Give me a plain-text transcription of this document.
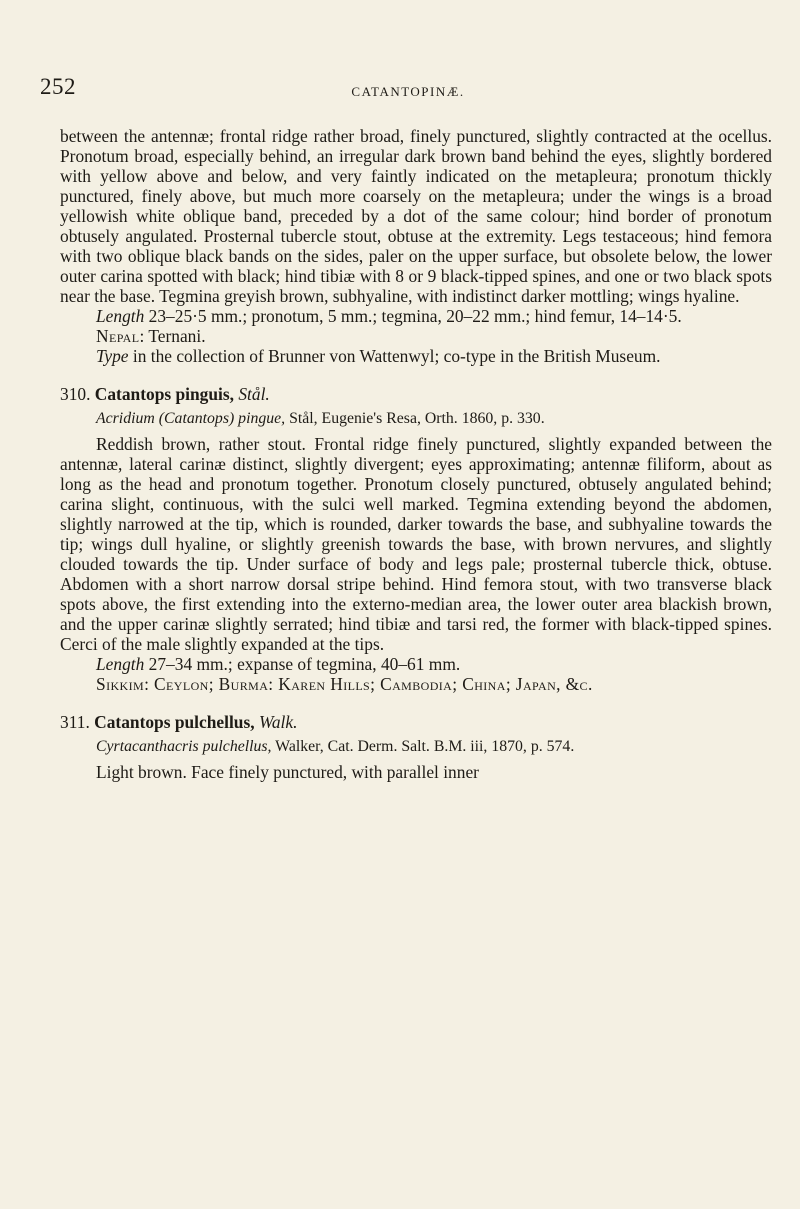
252	CATANTOPINÆ.

between the antennæ; frontal ridge rather broad, finely punctured, slightly contracted at the ocellus. Pronotum broad, especially behind, an irregular dark brown band behind the eyes, slightly bordered with yellow above and below, and very faintly indicated on the metapleura; pronotum thickly punctured, finely above, but much more coarsely on the metapleura; under the wings is a broad yellowish white oblique band, preceded by a dot of the same colour; hind border of pronotum obtusely angulated. Prosternal tubercle stout, obtuse at the extremity. Legs testaceous; hind femora with two oblique black bands on the sides, paler on the upper surface, but obsolete below, the lower outer carina spotted with black; hind tibiæ with 8 or 9 black-tipped spines, and one or two black spots near the base. Tegmina greyish brown, subhyaline, with indistinct darker mottling; wings hyaline.

Length 23–25·5 mm.; pronotum, 5 mm.; tegmina, 20–22 mm.; hind femur, 14–14·5.

Nepal: Ternani.

Type in the collection of Brunner von Wattenwyl; co-type in the British Museum.

310. Catantops pinguis, Stål.

Acridium (Catantops) pingue, Stål, Eugenie's Resa, Orth. 1860, p. 330.

Reddish brown, rather stout. Frontal ridge finely punctured, slightly expanded between the antennæ, lateral carinæ distinct, slightly divergent; eyes approximating; antennæ filiform, about as long as the head and pronotum together. Pronotum closely punctured, obtusely angulated behind; carina slight, continuous, with the sulci well marked. Tegmina extending beyond the abdomen, slightly narrowed at the tip, which is rounded, darker towards the base, and subhyaline towards the tip; wings dull hyaline, or slightly greenish towards the base, with brown nervures, and slightly clouded towards the tip. Under surface of body and legs pale; prosternal tubercle thick, obtuse. Abdomen with a short narrow dorsal stripe behind. Hind femora stout, with two transverse black spots above, the first extending into the externo-median area, the lower outer area blackish brown, and the upper carinæ slightly serrated; hind tibiæ and tarsi red, the former with black-tipped spines. Cerci of the male slightly expanded at the tips.

Length 27–34 mm.; expanse of tegmina, 40–61 mm.

Sikkim: Ceylon; Burma: Karen Hills; Cambodia; China; Japan, &c.

311. Catantops pulchellus, Walk.

Cyrtacanthacris pulchellus, Walker, Cat. Derm. Salt. B.M. iii, 1870, p. 574.

Light brown. Face finely punctured, with parallel inner
